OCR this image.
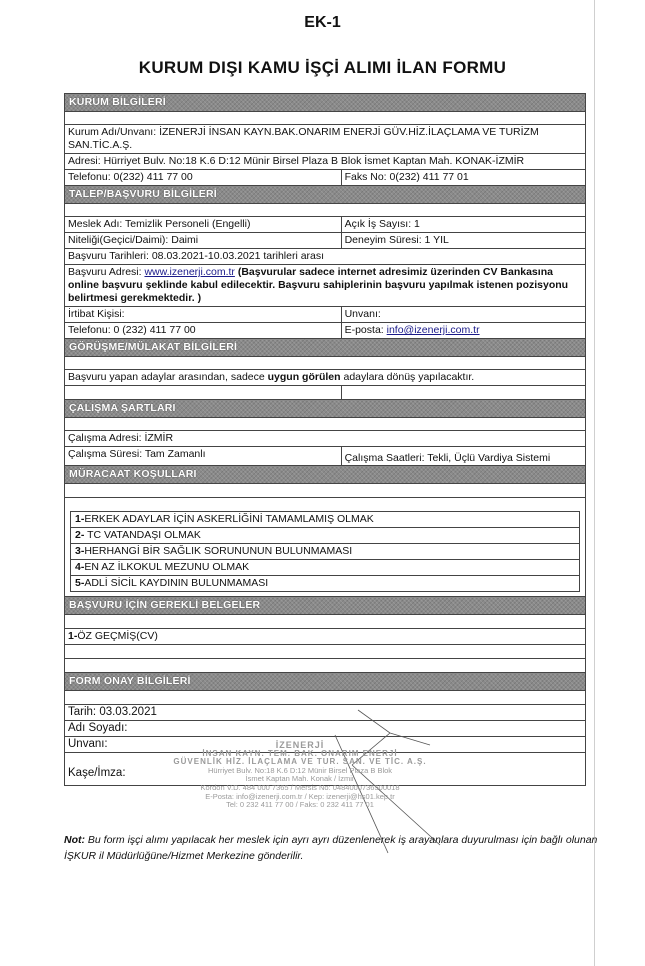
EK-1
KURUM DIŞI KAMU İŞÇİ ALIMI İLAN FORMU
KURUM BİLGİLERİ
Kurum Adı/Unvanı: İZENERJİ İNSAN KAYN.BAK.ONARIM ENERJİ GÜV.HİZ.İLAÇLAMA VE TURİZM SAN.TİC.A.Ş.
Adresi: Hürriyet Bulv. No:18 K.6 D:12 Münir Birsel Plaza B Blok İsmet Kaptan Mah. KONAK-İZMİR
Telefonu: 0(232) 411 77 00	Faks No: 0(232) 411 77 01
TALEP/BAŞVURU BİLGİLERİ
Meslek Adı: Temizlik Personeli (Engelli)	Açık İş Sayısı: 1
Niteliği(Geçici/Daimi): Daimi	Deneyim Süresi: 1 YIL
Başvuru Tarihleri: 08.03.2021-10.03.2021 tarihleri arası
Başvuru Adresi: www.izenerji.com.tr (Başvurular sadece internet adresimiz üzerinden CV Bankasına online başvuru şeklinde kabul edilecektir. Başvuru sahiplerinin başvuru yapılmak istenen pozisyonu belirtmesi gerekmektedir. )
İrtibat Kişisi:	Unvanı:
Telefonu: 0 (232) 411 77 00	E-posta: info@izenerji.com.tr
GÖRÜŞME/MÜLAKAT BİLGİLERİ
Başvuru yapan adaylar arasından, sadece uygun görülen adaylara dönüş yapılacaktır.
ÇALIŞMA ŞARTLARI
Çalışma Adresi: İZMİR
Çalışma Süresi: Tam Zamanlı	Çalışma Saatleri: Tekli, Üçlü Vardiya Sistemi
MÜRACAAT KOŞULLARI
1-ERKEK ADAYLAR İÇİN ASKERLİĞİNİ TAMAMLAMIŞ OLMAK
2- TC VATANDAŞI OLMAK
3-HERHANGİ BİR SAĞLIK SORUNUNUN BULUNMAMASI
4-EN AZ İLKOKUL MEZUNU OLMAK
5-ADLİ SİCİL KAYDININ BULUNMAMASI
BAŞVURU İÇİN GEREKLİ BELGELER
1-ÖZ GEÇMİŞ(CV)
FORM ONAY BİLGİLERİ
Tarih: 03.03.2021
Adı Soyadı:
Unvanı:
Kaşe/İmza:
İZENERJİ
İNSAN KAYN. TEM. BAK. ONARIM ENERJİ
GÜVENLİK HİZ. İLAÇLAMA VE TUR. SAN. VE TİC. A.Ş.
Hürriyet Bulv. No:18 K.6 D:12 Münir Birsel Plaza B Blok
İsmet Kaptan Mah. Konak / İzmir
Kordon V.D. 484 000 7365 / Mersis No: 0484000736500018
E-Posta: info@izenerji.com.tr / Kep: izenerji@hs01.kep.tr
Tel: 0 232 411 77 00 / Faks: 0 232 411 77 01
Not: Bu form işçi alımı yapılacak her meslek için ayrı ayrı düzenlenerek iş arayanlara duyurulması için bağlı olunan İŞKUR il Müdürlüğüne/Hizmet Merkezine gönderilir.
